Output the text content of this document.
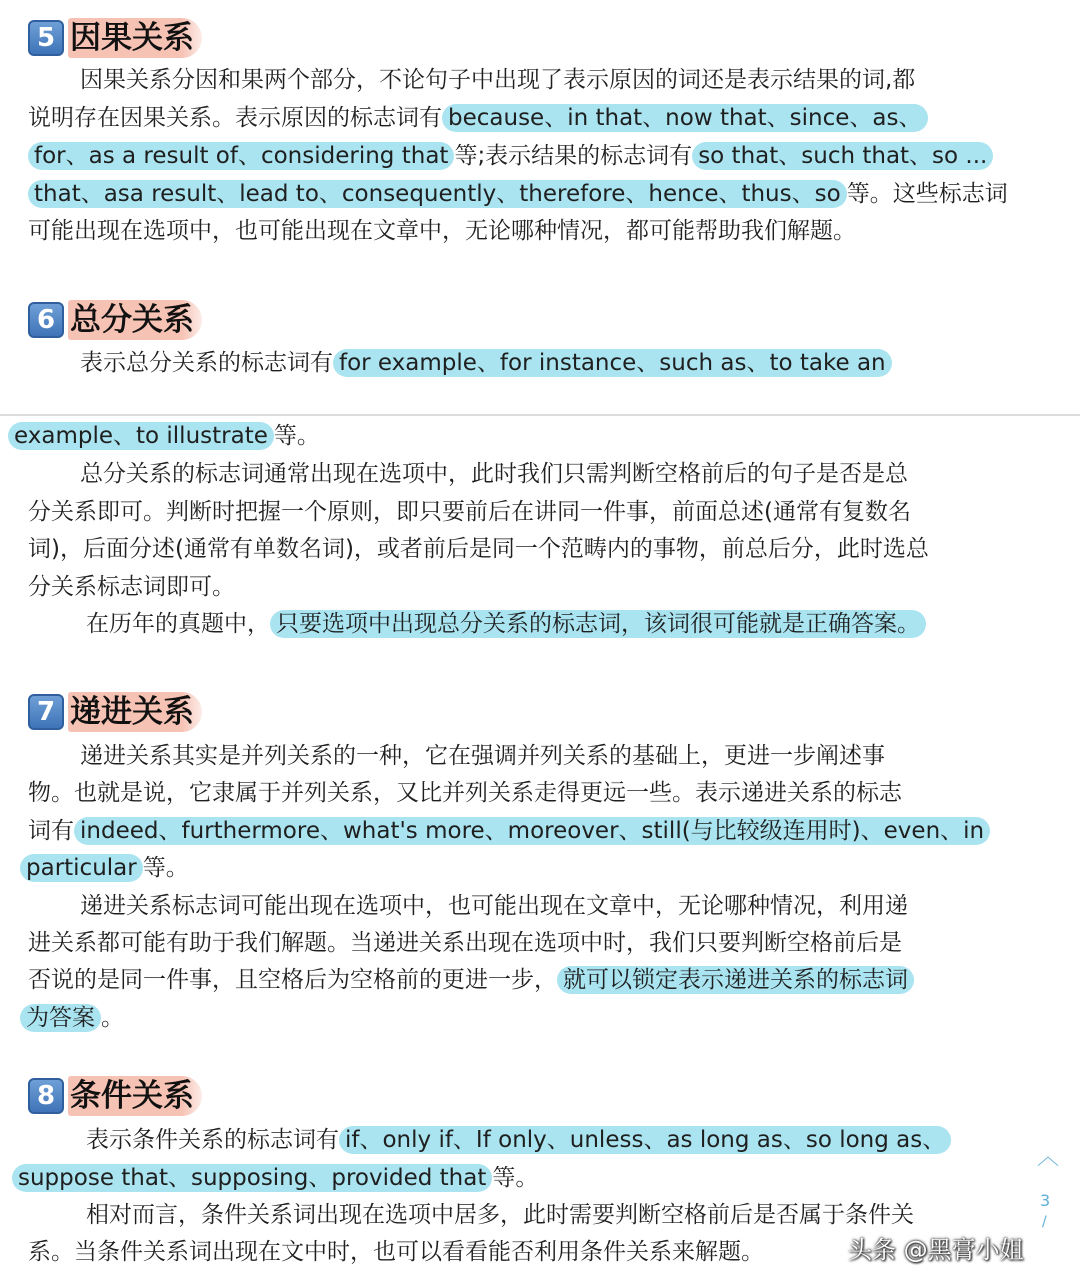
5 因果关系
因果关系分因和果两个部分，不论句子中出现了表示原因的词还是表示结果的词,都
说明存在因果关系。表示原因的标志词有 because、in that、now that、since、as、
for、as a result of、considering that 等;表示结果的标志词有 so that、such that、so ...
that、asa result、lead to、consequently、therefore、hence、thus、so 等。这些标志词
可能出现在选项中，也可能出现在文章中，无论哪种情况，都可能帮助我们解题。
6 总分关系
表示总分关系的标志词有 for example、for instance、such as、to take an
example、to illustrate 等。
总分关系的标志词通常出现在选项中，此时我们只需判断空格前后的句子是否是总
分关系即可。判断时把握一个原则，即只要前后在讲同一件事，前面总述(通常有复数名
词)，后面分述(通常有单数名词)，或者前后是同一个范畴内的事物，前总后分，此时选总
分关系标志词即可。
在历年的真题中， 只要选项中出现总分关系的标志词，该词很可能就是正确答案。
7 递进关系
递进关系其实是并列关系的一种，它在强调并列关系的基础上，更进一步阐述事
物。也就是说，它隶属于并列关系，又比并列关系走得更远一些。表示递进关系的标志
词有 indeed、furthermore、what's more、moreover、still(与比较级连用时)、even、in
particular 等。
递进关系标志词可能出现在选项中，也可能出现在文章中，无论哪种情况，利用递
进关系都可能有助于我们解题。当递进关系出现在选项中时，我们只要判断空格前后是
否说的是同一件事，且空格后为空格前的更进一步， 就可以锁定表示递进关系的标志词
为答案 。
8 条件关系
表示条件关系的标志词有 if、only if、If only、unless、as long as、so long as、
suppose that、supposing、provided that 等。
相对而言，条件关系词出现在选项中居多，此时需要判断空格前后是否属于条件关
系。当条件关系词出现在文中时，也可以看看能否利用条件关系来解题。
︿
3
/
头条 @黑膏小姐
